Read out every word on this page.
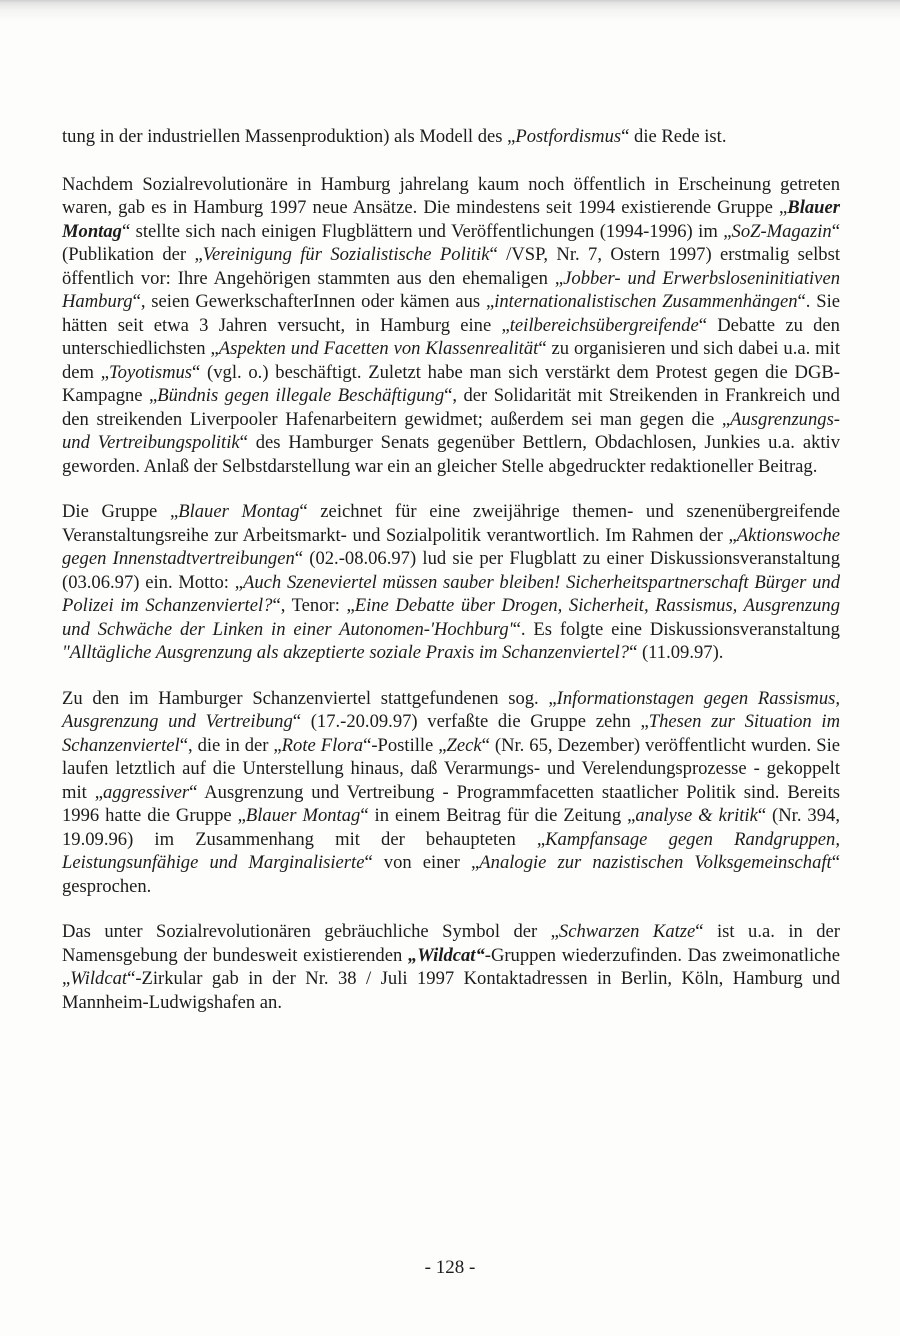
tung in der industriellen Massenproduktion) als Modell des „Postfordismus“ die Rede ist.

Nachdem Sozialrevolutionäre in Hamburg jahrelang kaum noch öffentlich in Erscheinung getreten waren, gab es in Hamburg 1997 neue Ansätze. Die mindestens seit 1994 existierende Gruppe „Blauer Montag“ stellte sich nach einigen Flugblättern und Veröffentlichungen (1994-1996) im „SoZ-Magazin“ (Publikation der „Vereinigung für Sozialistische Politik“ /VSP, Nr. 7, Ostern 1997) erstmalig selbst öffentlich vor: Ihre Angehörigen stammten aus den ehemaligen „Jobber- und Erwerbsloseninitiativen Hamburg“, seien GewerkschafterInnen oder kämen aus „internationalistischen Zusammenhängen“. Sie hätten seit etwa 3 Jahren versucht, in Hamburg eine „teilbereichsübergreifende“ Debatte zu den unterschiedlichsten „Aspekten und Facetten von Klassenrealität“ zu organisieren und sich dabei u.a. mit dem „Toyotismus“ (vgl. o.) beschäftigt. Zuletzt habe man sich verstärkt dem Protest gegen die DGB-Kampagne „Bündnis gegen illegale Beschäftigung“, der Solidarität mit Streikenden in Frankreich und den streikenden Liverpooler Hafenarbeitern gewidmet; außerdem sei man gegen die „Ausgrenzungs- und Vertreibungspolitik“ des Hamburger Senats gegenüber Bettlern, Obdachlosen, Junkies u.a. aktiv geworden. Anlaß der Selbstdarstellung war ein an gleicher Stelle abgedruckter redaktioneller Beitrag.

Die Gruppe „Blauer Montag“ zeichnet für eine zweijährige themen- und szenenübergreifende Veranstaltungsreihe zur Arbeitsmarkt- und Sozialpolitik verantwortlich. Im Rahmen der „Aktionswoche gegen Innenstadtvertreibungen“ (02.-08.06.97) lud sie per Flugblatt zu einer Diskussionsveranstaltung (03.06.97) ein. Motto: „Auch Szeneviertel müssen sauber bleiben! Sicherheitspartnerschaft Bürger und Polizei im Schanzenviertel?“, Tenor: „Eine Debatte über Drogen, Sicherheit, Rassismus, Ausgrenzung und Schwäche der Linken in einer Autonomen-'Hochburg'“. Es folgte eine Diskussionsveranstaltung "Alltägliche Ausgrenzung als akzeptierte soziale Praxis im Schanzenviertel?“ (11.09.97).

Zu den im Hamburger Schanzenviertel stattgefundenen sog. „Informationstagen gegen Rassismus, Ausgrenzung und Vertreibung“ (17.-20.09.97) verfaßte die Gruppe zehn „Thesen zur Situation im Schanzenviertel“, die in der „Rote Flora“-Postille „Zeck“ (Nr. 65, Dezember) veröffentlicht wurden. Sie laufen letztlich auf die Unterstellung hinaus, daß Verarmungs- und Verelendungsprozesse - gekoppelt mit „aggressiver“ Ausgrenzung und Vertreibung - Programmfacetten staatlicher Politik sind. Bereits 1996 hatte die Gruppe „Blauer Montag“ in einem Beitrag für die Zeitung „analyse & kritik“ (Nr. 394, 19.09.96) im Zusammenhang mit der behaupteten „Kampfansage gegen Randgruppen, Leistungsunfähige und Marginalisierte“ von einer „Analogie zur nazistischen Volksgemeinschaft“ gesprochen.

Das unter Sozialrevolutionären gebräuchliche Symbol der „Schwarzen Katze“ ist u.a. in der Namensgebung der bundesweit existierenden „Wildcat“-Gruppen wiederzufinden. Das zweimonatliche „Wildcat“-Zirkular gab in der Nr. 38 / Juli 1997 Kontaktadressen in Berlin, Köln, Hamburg und Mannheim-Ludwigshafen an.

- 128 -
